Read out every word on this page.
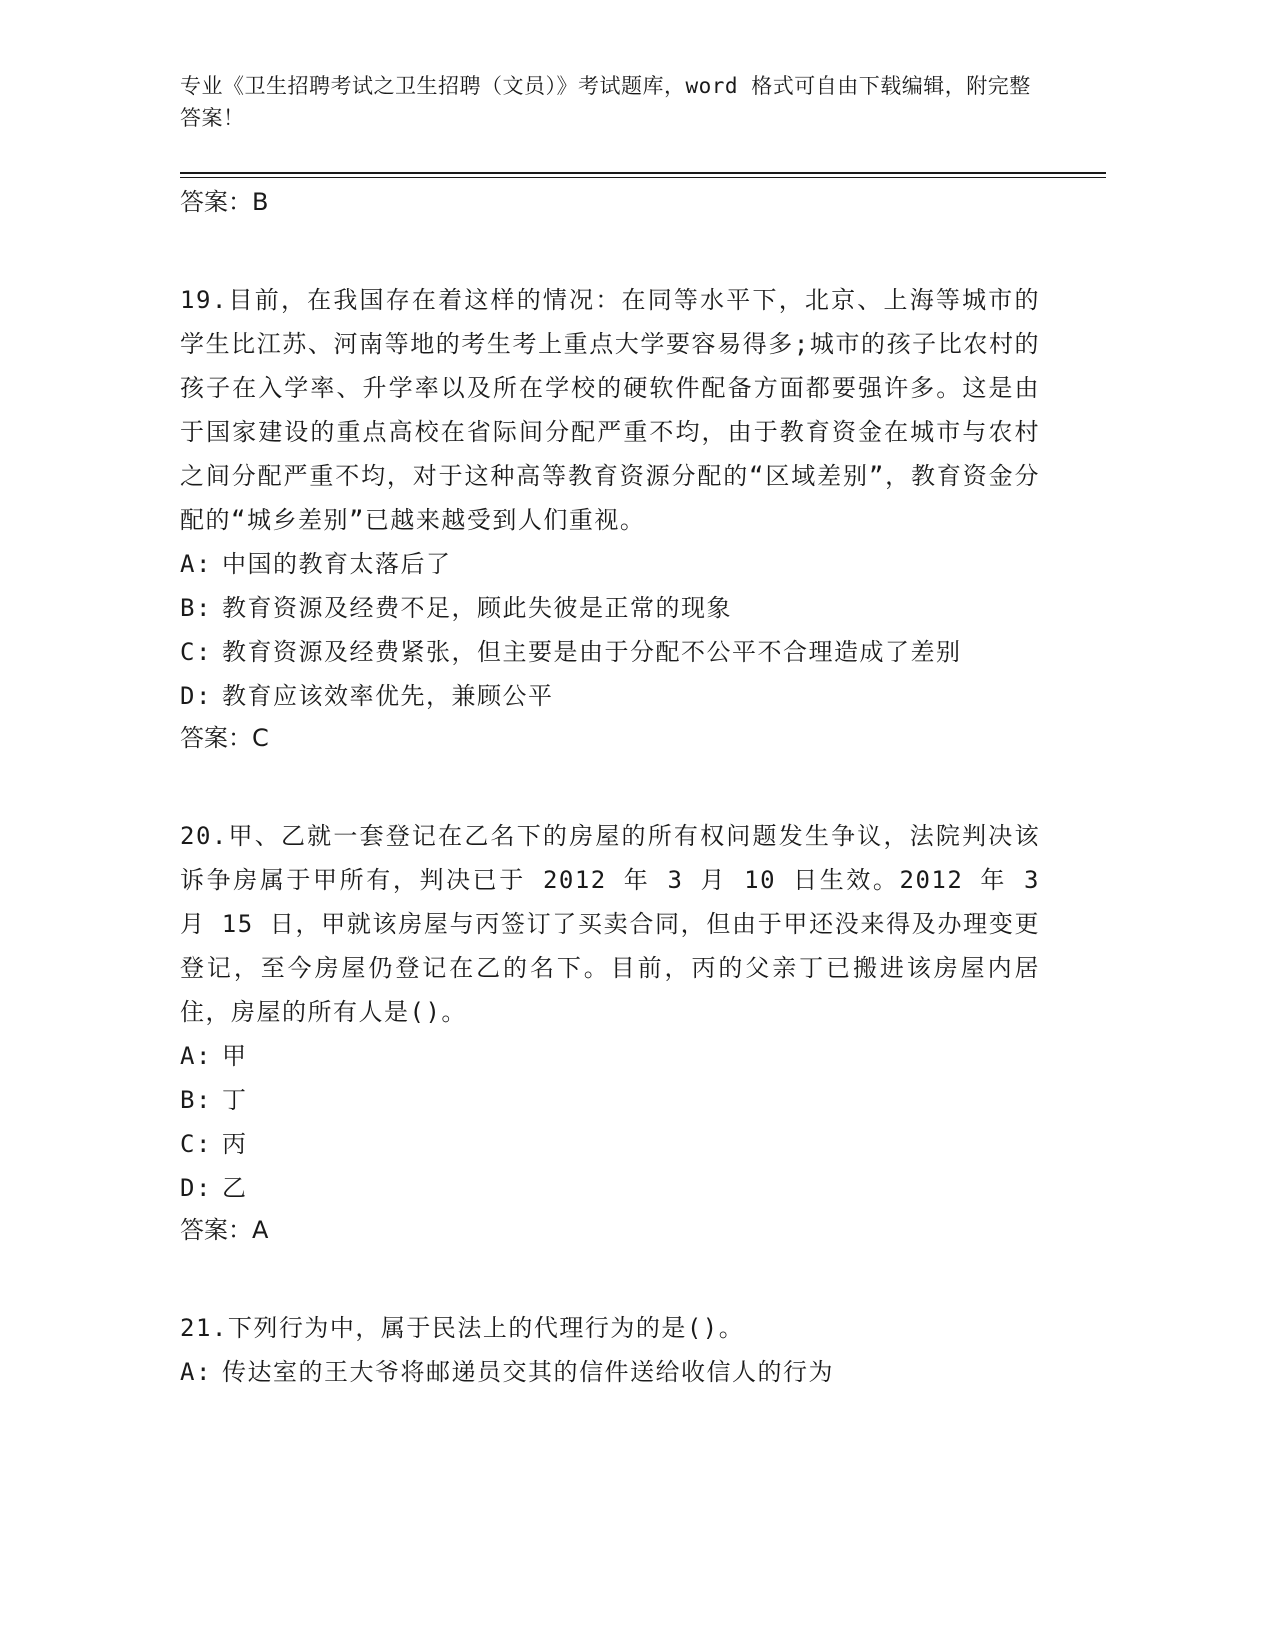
专业《卫生招聘考试之卫生招聘（文员）》考试题库，word 格式可自由下载编辑，附完整答案！
答案：B
19.目前，在我国存在着这样的情况：在同等水平下，北京、上海等城市的学生比江苏、河南等地的考生考上重点大学要容易得多;城市的孩子比农村的孩子在入学率、升学率以及所在学校的硬软件配备方面都要强许多。这是由于国家建设的重点高校在省际间分配严重不均，由于教育资金在城市与农村之间分配严重不均，对于这种高等教育资源分配的“区域差别”，教育资金分配的“城乡差别”已越来越受到人们重视。
A: 中国的教育太落后了
B: 教育资源及经费不足，顾此失彼是正常的现象
C: 教育资源及经费紧张，但主要是由于分配不公平不合理造成了差别
D: 教育应该效率优先，兼顾公平
答案：C
20.甲、乙就一套登记在乙名下的房屋的所有权问题发生争议，法院判决该诉争房属于甲所有，判决已于 2012 年 3 月 10 日生效。2012 年 3 月 15 日，甲就该房屋与丙签订了买卖合同，但由于甲还没来得及办理变更登记，至今房屋仍登记在乙的名下。目前，丙的父亲丁已搬进该房屋内居住，房屋的所有人是()。
A: 甲
B: 丁
C: 丙
D: 乙
答案：A
21.下列行为中，属于民法上的代理行为的是()。
A: 传达室的王大爷将邮递员交其的信件送给收信人的行为
